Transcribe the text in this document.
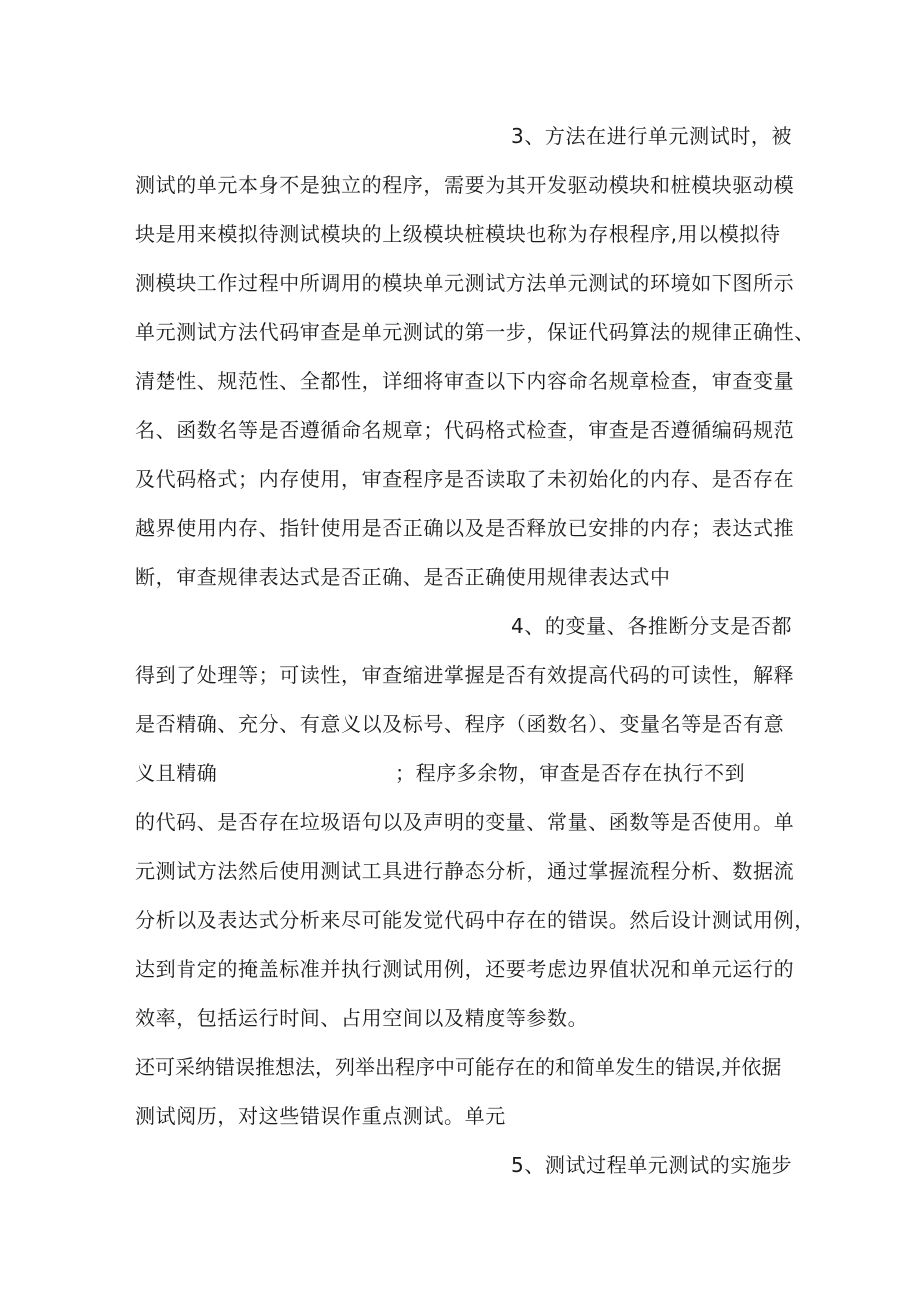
3、方法在进行单元测试时，被
测试的单元本身不是独立的程序，需要为其开发驱动模块和桩模块驱动模
块是用来模拟待测试模块的上级模块桩模块也称为存根程序,用以模拟待
测模块工作过程中所调用的模块单元测试方法单元测试的环境如下图所示
单元测试方法代码审查是单元测试的第一步，保证代码算法的规律正确性、
清楚性、规范性、全都性，详细将审查以下内容命名规章检查，审查变量
名、函数名等是否遵循命名规章；代码格式检查，审查是否遵循编码规范
及代码格式；内存使用，审查程序是否读取了未初始化的内存、是否存在
越界使用内存、指针使用是否正确以及是否释放已安排的内存；表达式推
断，审查规律表达式是否正确、是否正确使用规律表达式中
4、的变量、各推断分支是否都
得到了处理等；可读性，审查缩进掌握是否有效提高代码的可读性，解释
是否精确、充分、有意义以及标号、程序（函数名）、变量名等是否有意
义且精确	；程序多余物，审查是否存在执行不到
的代码、是否存在垃圾语句以及声明的变量、常量、函数等是否使用。单
元测试方法然后使用测试工具进行静态分析，通过掌握流程分析、数据流
分析以及表达式分析来尽可能发觉代码中存在的错误。然后设计测试用例，
达到肯定的掩盖标准并执行测试用例，还要考虑边界值状况和单元运行的
效率，包括运行时间、占用空间以及精度等参数。
还可采纳错误推想法，列举出程序中可能存在的和简单发生的错误,并依据
测试阅历，对这些错误作重点测试。单元
5、测试过程单元测试的实施步
